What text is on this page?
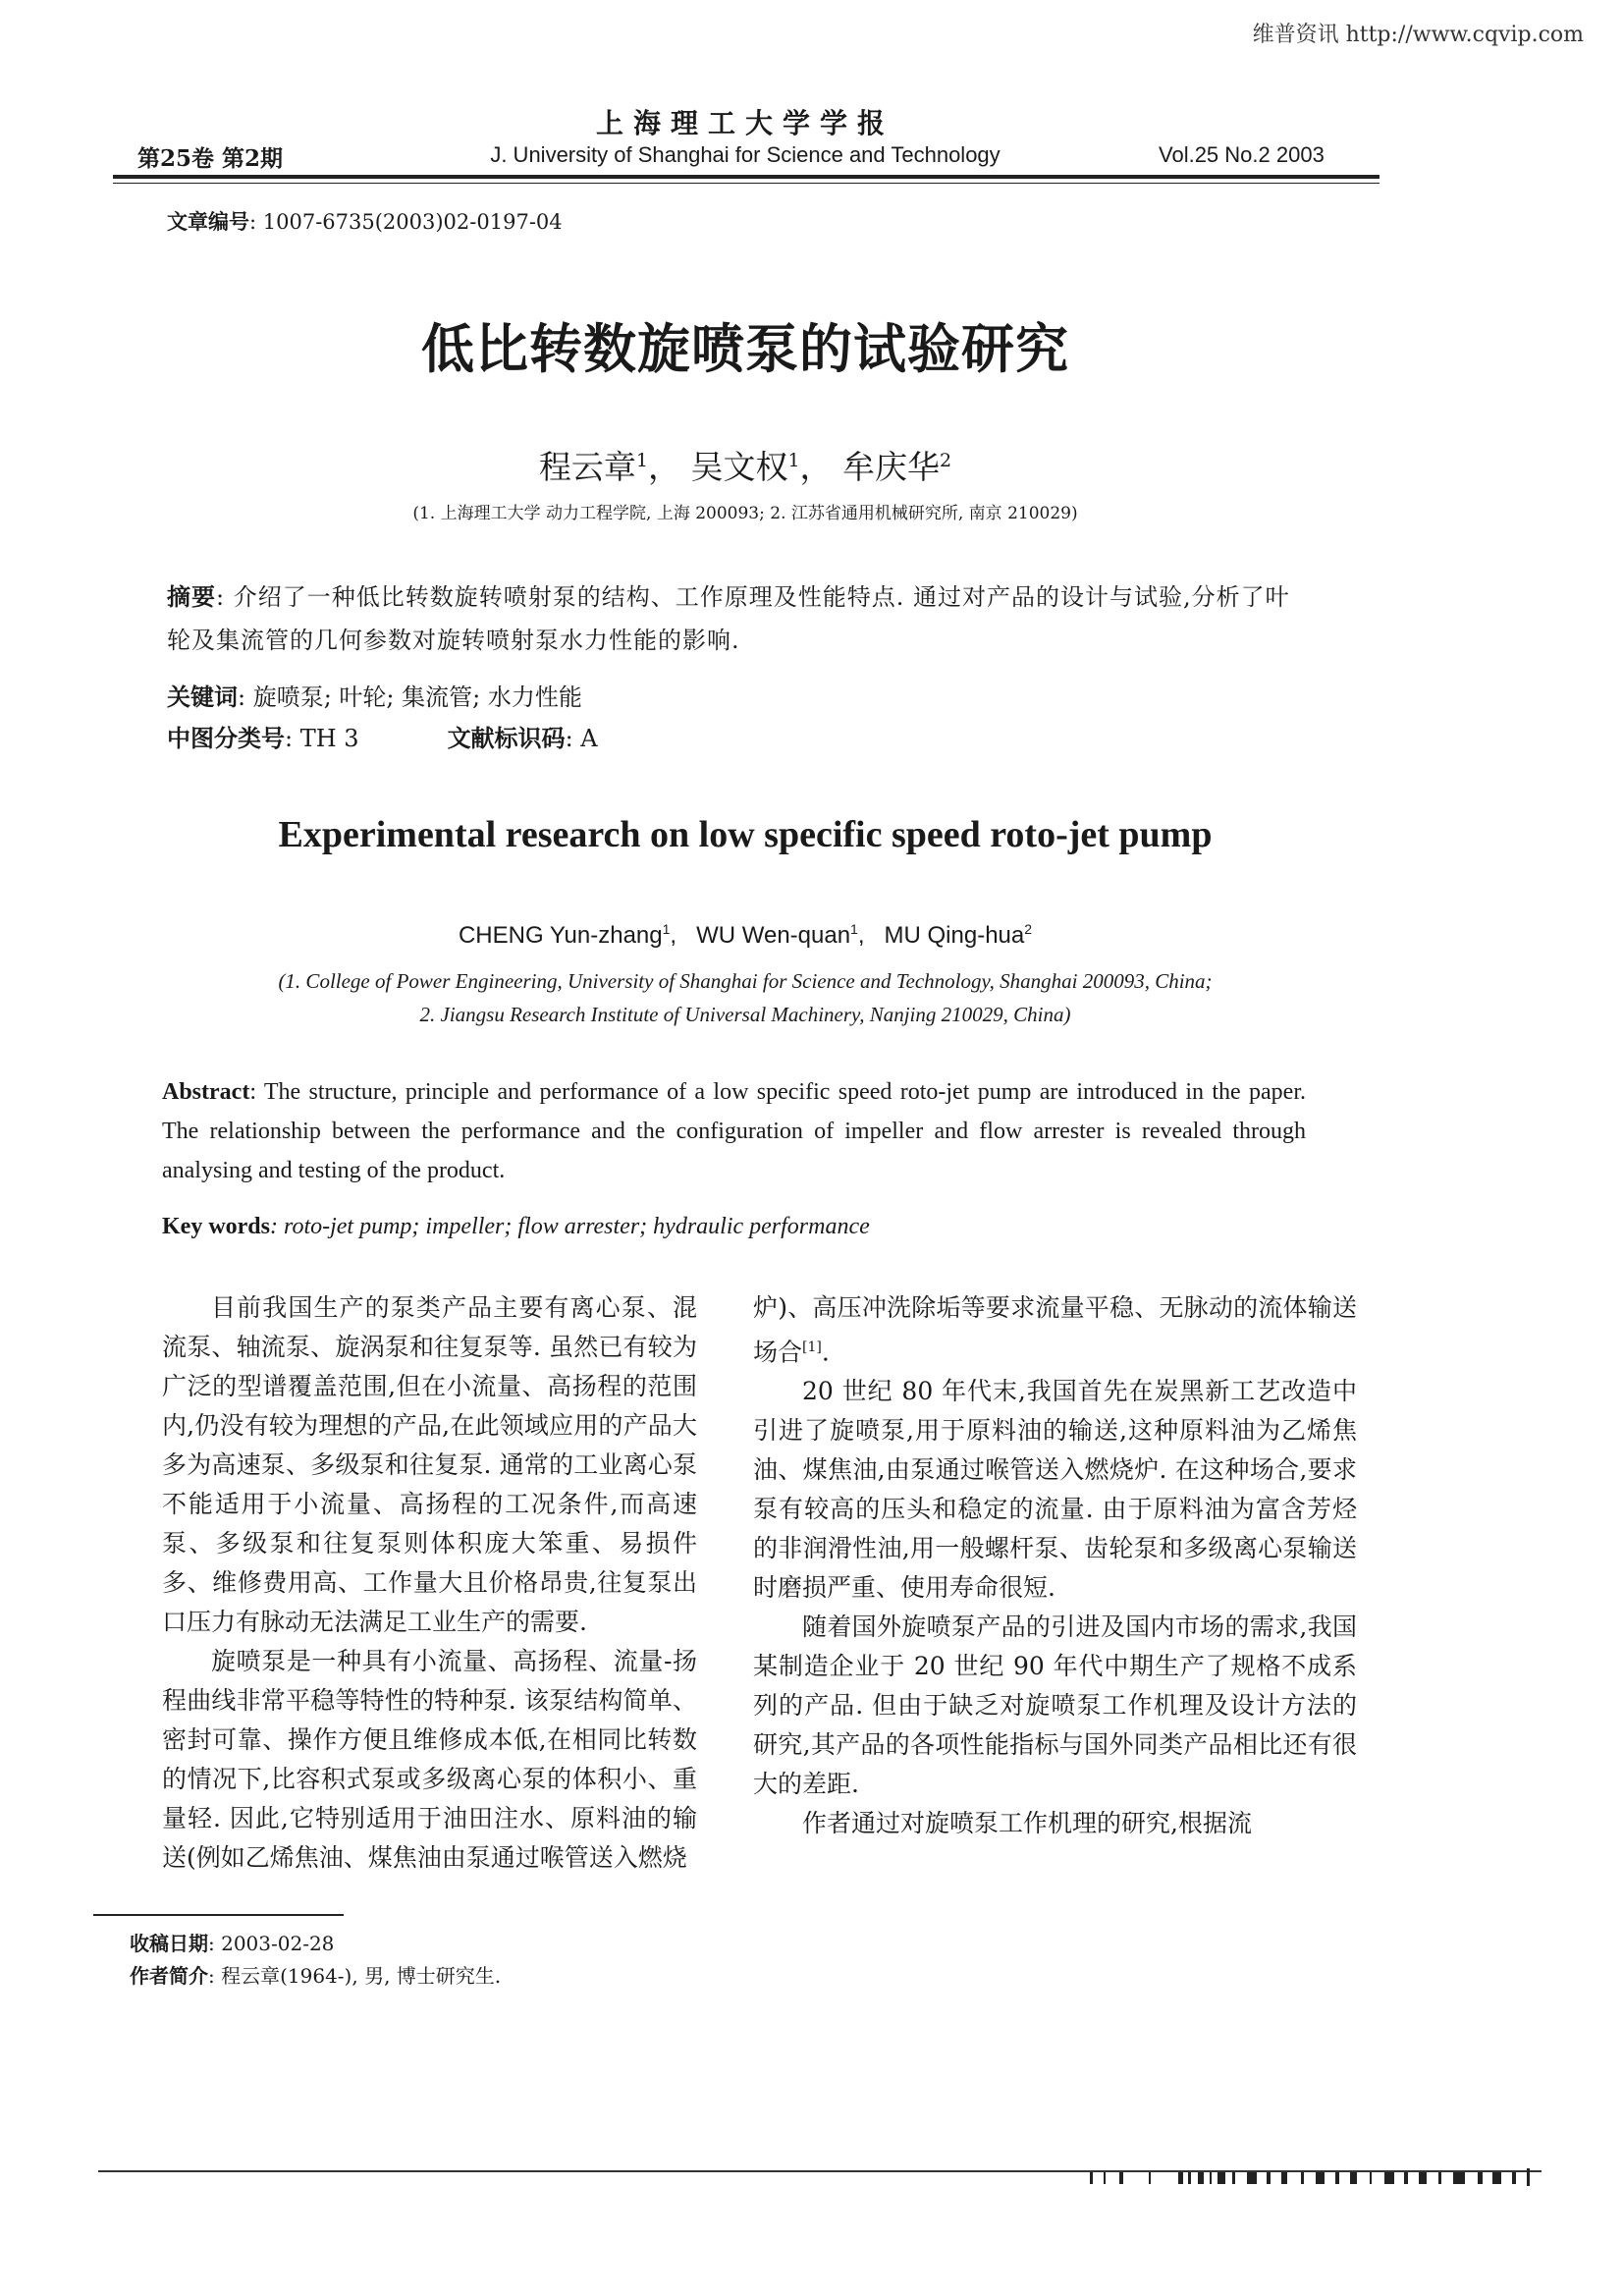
维普资讯 http://www.cqvip.com
上海理工大学学报
第25卷 第2期	J. University of Shanghai for Science and Technology	Vol.25 No.2 2003
文章编号: 1007-6735(2003)02-0197-04
低比转数旋喷泵的试验研究
程云章$^1$， 吴文权$^1$， 牟庆华$^2$
(1. 上海理工大学 动力工程学院, 上海 200093; 2. 江苏省通用机械研究所, 南京 210029)
摘要: 介绍了一种低比转数旋转喷射泵的结构、工作原理及性能特点. 通过对产品的设计与试验,分析了叶轮及集流管的几何参数对旋转喷射泵水力性能的影响.
关键词: 旋喷泵; 叶轮; 集流管; 水力性能
中图分类号: TH 3	文献标识码: A
Experimental research on low specific speed roto-jet pump
CHENG Yun-zhang$^1$,   WU Wen-quan$^1$,   MU Qing-hua$^2$
(1. College of Power Engineering, University of Shanghai for Science and Technology, Shanghai 200093, China;
2. Jiangsu Research Institute of Universal Machinery, Nanjing 210029, China)
Abstract: The structure, principle and performance of a low specific speed roto-jet pump are introduced in the paper. The relationship between the performance and the configuration of impeller and flow arrester is revealed through analysing and testing of the product.
Key words: roto-jet pump; impeller; flow arrester; hydraulic performance

目前我国生产的泵类产品主要有离心泵、混流泵、轴流泵、旋涡泵和往复泵等. 虽然已有较为广泛的型谱覆盖范围,但在小流量、高扬程的范围内,仍没有较为理想的产品,在此领域应用的产品大多为高速泵、多级泵和往复泵. 通常的工业离心泵不能适用于小流量、高扬程的工况条件,而高速泵、多级泵和往复泵则体积庞大笨重、易损件多、维修费用高、工作量大且价格昂贵,往复泵出口压力有脉动无法满足工业生产的需要.

旋喷泵是一种具有小流量、高扬程、流量-扬程曲线非常平稳等特性的特种泵. 该泵结构简单、密封可靠、操作方便且维修成本低,在相同比转数的情况下,比容积式泵或多级离心泵的体积小、重量轻. 因此,它特别适用于油田注水、原料油的输送(例如乙烯焦油、煤焦油由泵通过喉管送入燃烧

炉)、高压冲洗除垢等要求流量平稳、无脉动的流体输送场合[1].

20 世纪 80 年代末,我国首先在炭黑新工艺改造中引进了旋喷泵,用于原料油的输送,这种原料油为乙烯焦油、煤焦油,由泵通过喉管送入燃烧炉. 在这种场合,要求泵有较高的压头和稳定的流量. 由于原料油为富含芳烃的非润滑性油,用一般螺杆泵、齿轮泵和多级离心泵输送时磨损严重、使用寿命很短.

随着国外旋喷泵产品的引进及国内市场的需求,我国某制造企业于 20 世纪 90 年代中期生产了规格不成系列的产品. 但由于缺乏对旋喷泵工作机理及设计方法的研究,其产品的各项性能指标与国外同类产品相比还有很大的差距.

作者通过对旋喷泵工作机理的研究,根据流

收稿日期: 2003-02-28
作者简介: 程云章(1964-), 男, 博士研究生.
